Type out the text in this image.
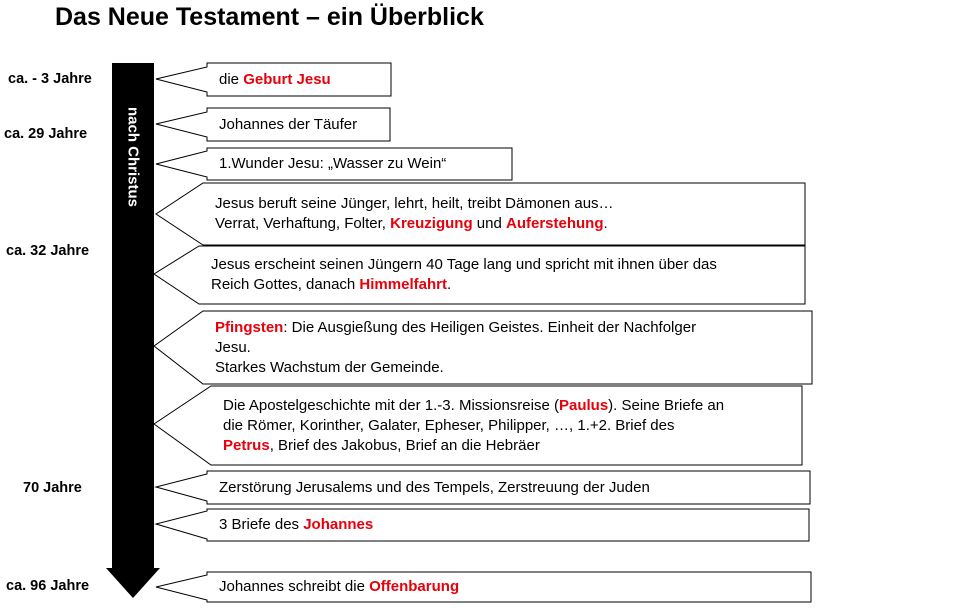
Das Neue Testament – ein Überblick
nach Christus
ca. - 3 Jahre
ca. 29 Jahre
ca. 32 Jahre
70 Jahre
ca. 96 Jahre
die Geburt Jesu
Johannes der Täufer
1.Wunder Jesu: „Wasser zu Wein“
Jesus beruft seine Jünger, lehrt, heilt, treibt Dämonen aus…
Verrat, Verhaftung, Folter, Kreuzigung und Auferstehung.
Jesus erscheint seinen Jüngern 40 Tage lang und spricht mit ihnen über das
Reich Gottes, danach Himmelfahrt.
Pfingsten: Die Ausgießung des Heiligen Geistes. Einheit der Nachfolger
Jesu.
Starkes Wachstum der Gemeinde.
Die Apostelgeschichte mit der 1.-3. Missionsreise (Paulus). Seine Briefe an
die Römer, Korinther, Galater, Epheser, Philipper, …, 1.+2. Brief des
Petrus, Brief des Jakobus, Brief an die Hebräer
Zerstörung Jerusalems und des Tempels, Zerstreuung der Juden
3 Briefe des Johannes
Johannes schreibt die Offenbarung
